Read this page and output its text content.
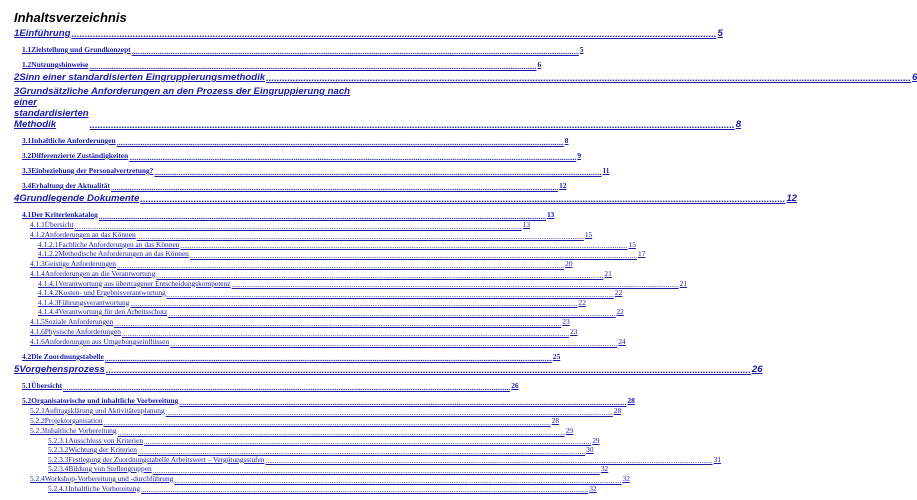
Inhaltsverzeichnis
1Einführung .....	5
1.1Zielstellung und Grundkonzept .....	5
1.2Nutzungshinweise .....	6
2Sinn einer standardisierten Eingruppierungsmethodik .....	6
3Grundsätzliche Anforderungen an den Prozess der Eingruppierung nach
einer standardisierten Methodik .....	8
3.1Inhaltliche Anforderungen .....	8
3.2Differenzierte Zuständigkeiten .....	9
3.3Einbeziehung der Personalvertretung? .....	11
3.4Erhaltung der Aktualität .....	12
4Grundlegende Dokumente .....	12
4.1Der Kriterienkatalog .....	13
4.1.1Übersicht .....	13
4.1.2Anforderungen an das Können .....	15
4.1.2.1Fachliche Anforderungen an das Können .....	15
4.1.2.2Methodische Anforderungen an das Können .....	17
4.1.3Geistige Anforderungen .....	20
4.1.4Anforderungen an die Verantwortung .....	21
4.1.4.1Verantwortung aus übertragener Entscheidungskompetenz .....	21
4.1.4.2Kosten- und Ergebnisverantwortung .....	22
4.1.4.3Führungsverantwortung .....	22
4.1.4.4Verantwortung für den Arbeitsschutz .....	22
4.1.5Soziale Anforderungen .....	23
4.1.6Physische Anforderungen .....	23
4.1.6Anforderungen aus Umgebungseinflüssen .....	24
4.2Die Zuordnungstabelle .....	25
5Vorgehensprozess .....	26
5.1Übersicht .....	26
5.2Organisatorische und inhaltliche Vorbereitung .....	28
5.2.1Auftragsklärung und Aktivitätenplanung .....	28
5.2.2Projektorganisation .....	28
5.2.3Inhaltliche Vorbereitung .....	29
5.2.3.1Ausschluss von Kriterien .....	29
5.2.3.2Wichtung der Kriterien .....	30
5.2.3.3Festlegung der Zuordnungstabelle Arbeitswert – Vergütungsstufen .....	31
5.2.3.4Bildung von Stellengruppen .....	32
5.2.4Workshop-Vorbereitung und -durchführung .....	32
5.2.4.1Inhaltliche Vorbereitung .....	32
